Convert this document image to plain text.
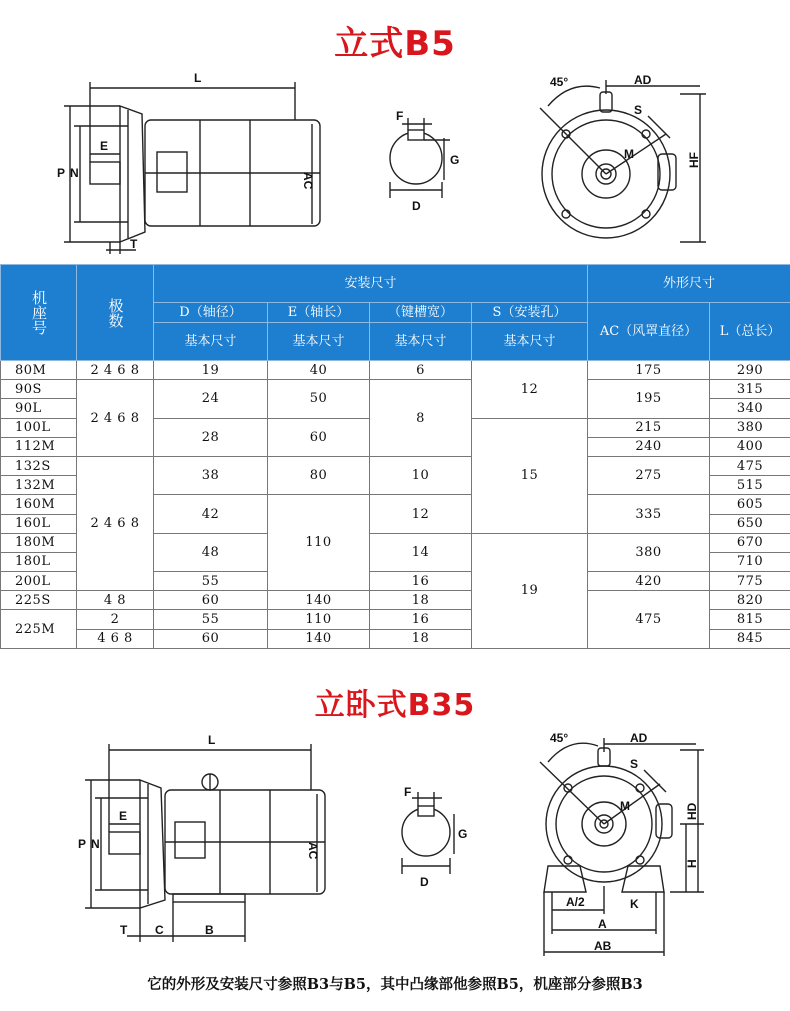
立式B5
L
P N
E
T
AC
F
G
D
45°	AD
S
M	HF
机座号	极数	安装尺寸				外形尺寸	
		D（轴径）	E（轴长）	（键槽宽）	S（安装孔）	AC（风罩直径）	L（总长）
		基本尺寸	基本尺寸	基本尺寸	基本尺寸		
80M	2 4 6 8	19	40	6	12	175	290
90S	2 4 6 8	24	50	8		195	315
90L							340
100L		28	60		15	215	380
112M						240	400
132S	2 4 6 8	38	80	10		275	475
132M							515
160M		42	110	12		335	605
160L							650
180M		48		14	19	380	670
180L							710
200L		55		16		420	775
225S	4 8	60	140	18		475	820
225M	2	55	110	16			815
	4 6 8	60	140	18			845
立卧式B35
L
P N
E
T C	B
AC
F
G
D
45°	AD
S
M	HD
H
A/2	K
A
AB
它的外形及安装尺寸参照B3与B5，其中凸缘部他参照B5，机座部分参照B3
